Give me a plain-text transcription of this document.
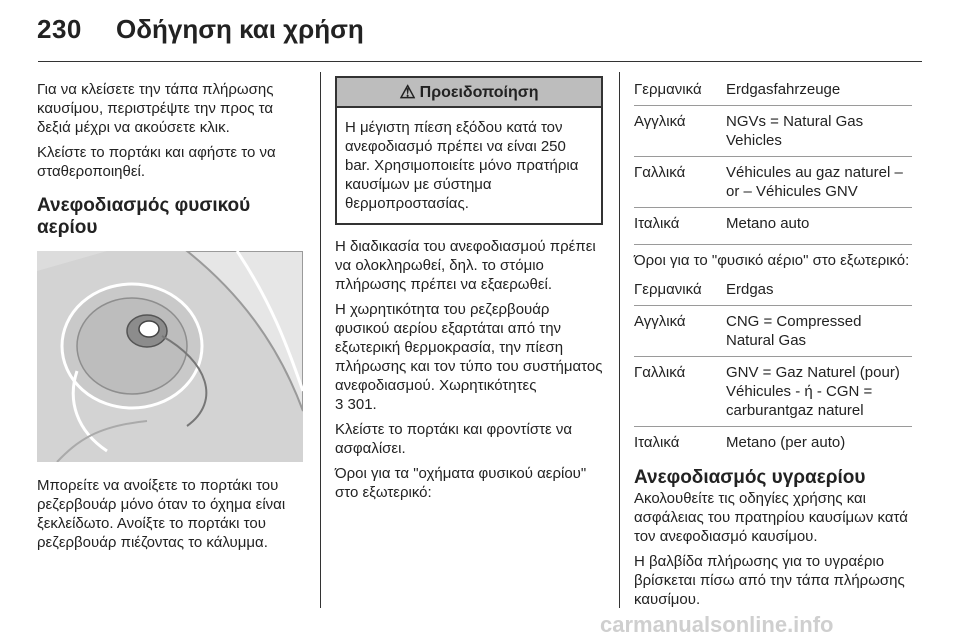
230 Οδήγηση και χρήση

Για να κλείσετε την τάπα πλήρωσης καυσίμου, περιστρέψτε την προς τα δεξιά μέχρι να ακούσετε κλικ.

Κλείστε το πορτάκι και αφήστε το να σταθεροποιηθεί.

Ανεφοδιασμός φυσικού αερίου

Μπορείτε να ανοίξετε το πορτάκι του ρεζερβουάρ μόνο όταν το όχημα είναι ξεκλείδωτο. Ανοίξτε το πορτάκι του ρεζερβουάρ πιέζοντας το κάλυμμα.

⚠ Προειδοποίηση
Η μέγιστη πίεση εξόδου κατά τον ανεφοδιασμό πρέπει να είναι 250 bar. Χρησιμοποιείτε μόνο πρατήρια καυσίμων με σύστημα θερμοπροστασίας.

Η διαδικασία του ανεφοδιασμού πρέπει να ολοκληρωθεί, δηλ. το στόμιο πλήρωσης πρέπει να εξαερωθεί.

Η χωρητικότητα του ρεζερβουάρ φυσικού αερίου εξαρτάται από την εξωτερική θερμοκρασία, την πίεση πλήρωσης και τον τύπο του συστήματος ανεφοδιασμού. Χωρητικότητες

3 301.

Κλείστε το πορτάκι και φροντίστε να ασφαλίσει.

Όροι για τα "οχήματα φυσικού αερίου" στο εξωτερικό:

Γερμανικά	Erdgasfahrzeuge
Αγγλικά	NGVs = Natural Gas Vehicles
Γαλλικά	Véhicules au gaz naturel – or – Véhicules GNV
Ιταλικά	Metano auto

Όροι για το "φυσικό αέριο" στο εξωτερικό:

Γερμανικά	Erdgas
Αγγλικά	CNG = Compressed Natural Gas
Γαλλικά	GNV = Gaz Naturel (pour) Véhicules - ή - CGN = carburantgaz naturel
Ιταλικά	Metano (per auto)
Ανεφοδιασμός υγραερίου

Ακολουθείτε τις οδηγίες χρήσης και ασφάλειας του πρατηρίου καυσίμων κατά τον ανεφοδιασμό καυσίμου.

Η βαλβίδα πλήρωσης για το υγραέριο βρίσκεται πίσω από την τάπα πλήρωσης καυσίμου.

carmanualsonline.info
